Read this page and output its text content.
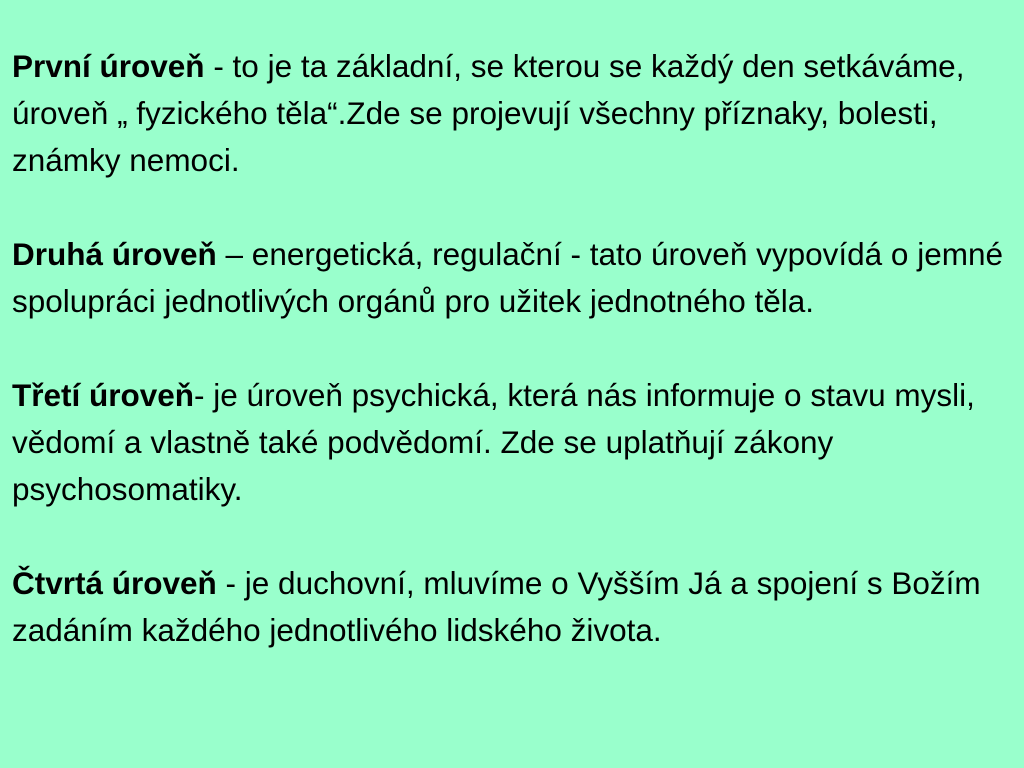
První úroveň - to je ta základní, se kterou se každý den setkáváme, úroveň „ fyzického těla“.Zde se projevují všechny příznaky, bolesti, známky nemoci.

Druhá úroveň – energetická, regulační - tato úroveň vypovídá o jemné spolupráci jednotlivých orgánů pro užitek jednotného těla.

Třetí úroveň- je úroveň psychická, která nás informuje o stavu mysli, vědomí a vlastně také podvědomí. Zde se uplatňují zákony psychosomatiky.

Čtvrtá úroveň - je duchovní, mluvíme o Vyšším Já a spojení s Božím zadáním každého jednotlivého lidského života.
